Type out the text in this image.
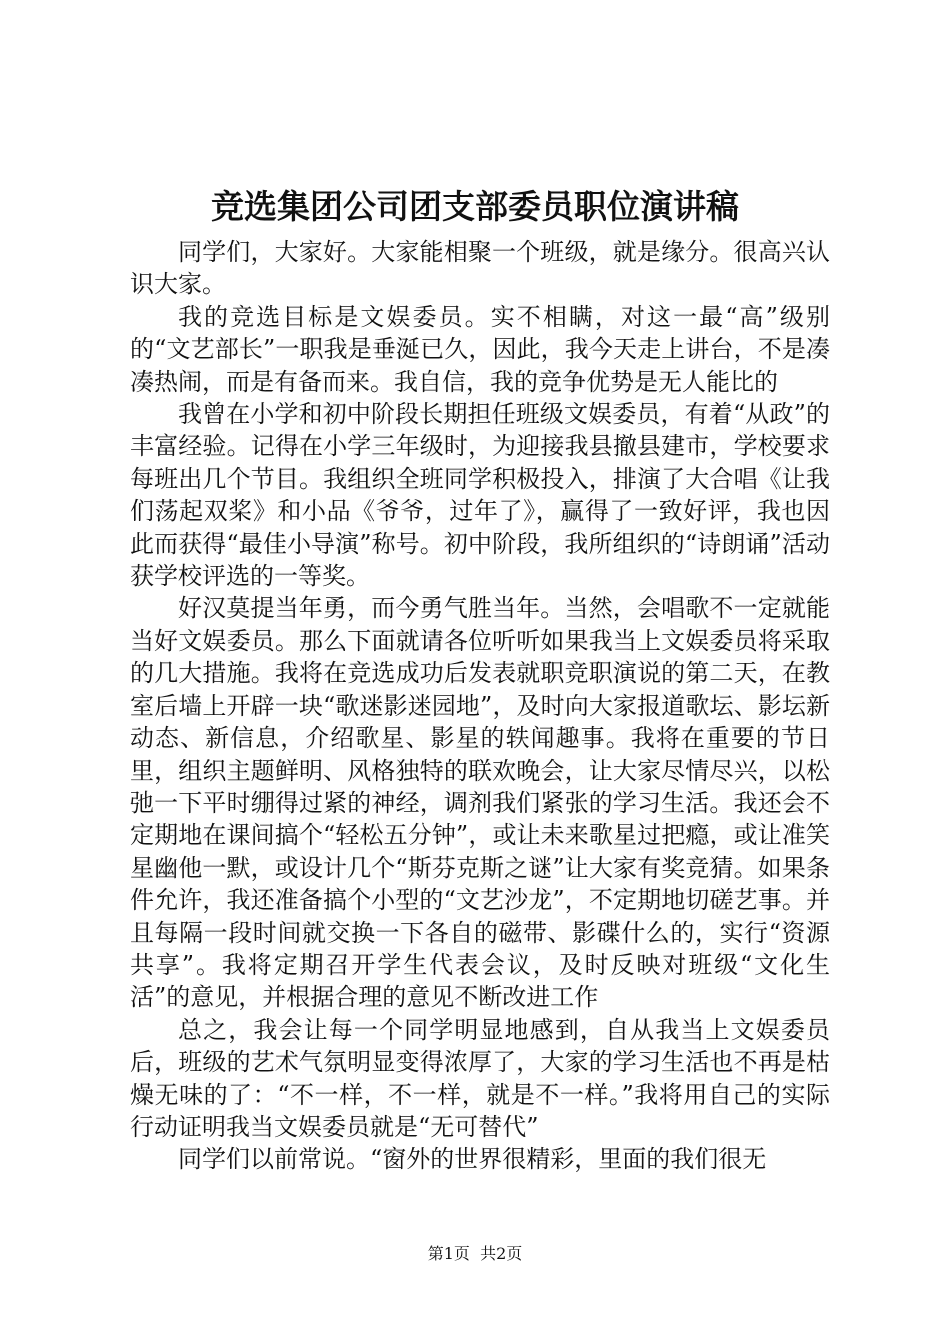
竞选集团公司团支部委员职位演讲稿

同学们，大家好。大家能相聚一个班级，就是缘分。很高兴认识大家。

我的竞选目标是文娱委员。实不相瞒，对这一最“高”级别的“文艺部长”一职我是垂涎已久，因此，我今天走上讲台，不是凑凑热闹，而是有备而来。我自信，我的竞争优势是无人能比的

我曾在小学和初中阶段长期担任班级文娱委员，有着“从政”的丰富经验。记得在小学三年级时，为迎接我县撤县建市，学校要求每班出几个节目。我组织全班同学积极投入，排演了大合唱《让我们荡起双桨》和小品《爷爷，过年了》，赢得了一致好评，我也因此而获得“最佳小导演”称号。初中阶段，我所组织的“诗朗诵”活动获学校评选的一等奖。

好汉莫提当年勇，而今勇气胜当年。当然，会唱歌不一定就能当好文娱委员。那么下面就请各位听听如果我当上文娱委员将采取的几大措施。我将在竞选成功后发表就职竞职演说的第二天，在教室后墙上开辟一块“歌迷影迷园地”，及时向大家报道歌坛、影坛新动态、新信息，介绍歌星、影星的轶闻趣事。我将在重要的节日里，组织主题鲜明、风格独特的联欢晚会，让大家尽情尽兴，以松弛一下平时绷得过紧的神经，调剂我们紧张的学习生活。我还会不定期地在课间搞个“轻松五分钟”，或让未来歌星过把瘾，或让准笑星幽他一默，或设计几个“斯芬克斯之谜”让大家有奖竞猜。如果条件允许，我还准备搞个小型的“文艺沙龙”，不定期地切磋艺事。并且每隔一段时间就交换一下各自的磁带、影碟什么的，实行“资源共享”。我将定期召开学生代表会议，及时反映对班级“文化生活”的意见，并根据合理的意见不断改进工作

总之，我会让每一个同学明显地感到，自从我当上文娱委员后，班级的艺术气氛明显变得浓厚了，大家的学习生活也不再是枯燥无味的了：“不一样，不一样，就是不一样。”我将用自己的实际行动证明我当文娱委员就是“无可替代”

同学们以前常说。“窗外的世界很精彩，里面的我们很无

第1页  共2页
